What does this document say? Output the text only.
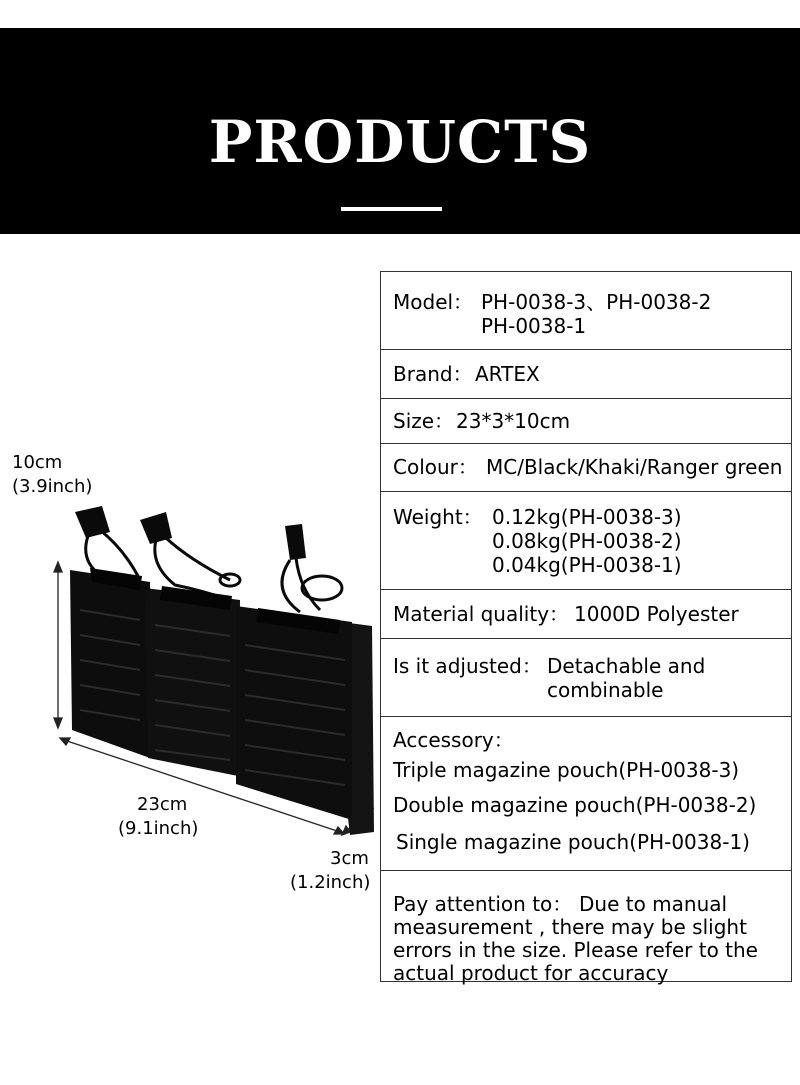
PRODUCTS
10cm
(3.9inch)
23cm
(9.1inch)
3cm
(1.2inch)
Model： PH-0038-3、PH-0038-2
PH-0038-1
Brand： ARTEX
Size： 23*3*10cm
Colour： MC/Black/Khaki/Ranger green
Weight： 0.12kg(PH-0038-3)
0.08kg(PH-0038-2)
0.04kg(PH-0038-1)
Material quality： 1000D Polyester
Is it adjusted： Detachable and
combinable
Accessory：
Triple magazine pouch(PH-0038-3)
Double magazine pouch(PH-0038-2)
Single magazine pouch(PH-0038-1)
Pay attention to： Due to manual
measurement , there may be slight
errors in the size. Please refer to the
actual product for accuracy
